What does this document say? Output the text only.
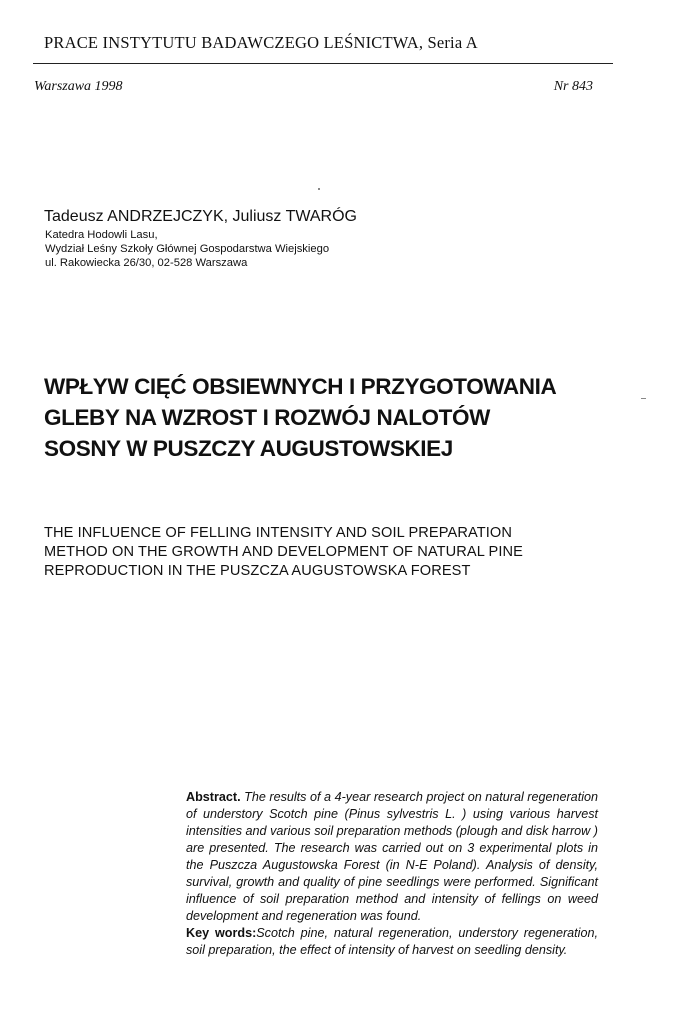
PRACE INSTYTUTU BADAWCZEGO LEŚNICTWA, Seria A
Warszawa 1998	Nr 843
Tadeusz ANDRZEJCZYK, Juliusz TWARÓG
Katedra Hodowli Lasu,
Wydział Leśny Szkoły Głównej Gospodarstwa Wiejskiego
ul. Rakowiecka 26/30, 02-528 Warszawa
WPŁYW CIĘĆ OBSIEWNYCH I PRZYGOTOWANIA
GLEBY NA WZROST I ROZWÓJ NALOTÓW
SOSNY W PUSZCZY AUGUSTOWSKIEJ
THE INFLUENCE OF FELLING INTENSITY AND SOIL PREPARATION
METHOD ON THE GROWTH AND DEVELOPMENT OF NATURAL PINE
REPRODUCTION IN THE PUSZCZA AUGUSTOWSKA FOREST
Abstract. The results of a 4-year research project on natural regeneration of understory Scotch pine (Pinus sylvestris L. ) using various harvest intensities and various soil preparation methods (plough and disk harrow ) are presented. The research was carried out on 3 experimental plots in the Puszcza Augustowska Forest (in N-E Poland). Analysis of density, survival, growth and quality of pine seedlings were performed. Significant influence of soil preparation method and intensity of fellings on weed development and regeneration was found.
Key words:Scotch pine, natural regeneration, understory regeneration, soil preparation, the effect of intensity of harvest on seedling density.
